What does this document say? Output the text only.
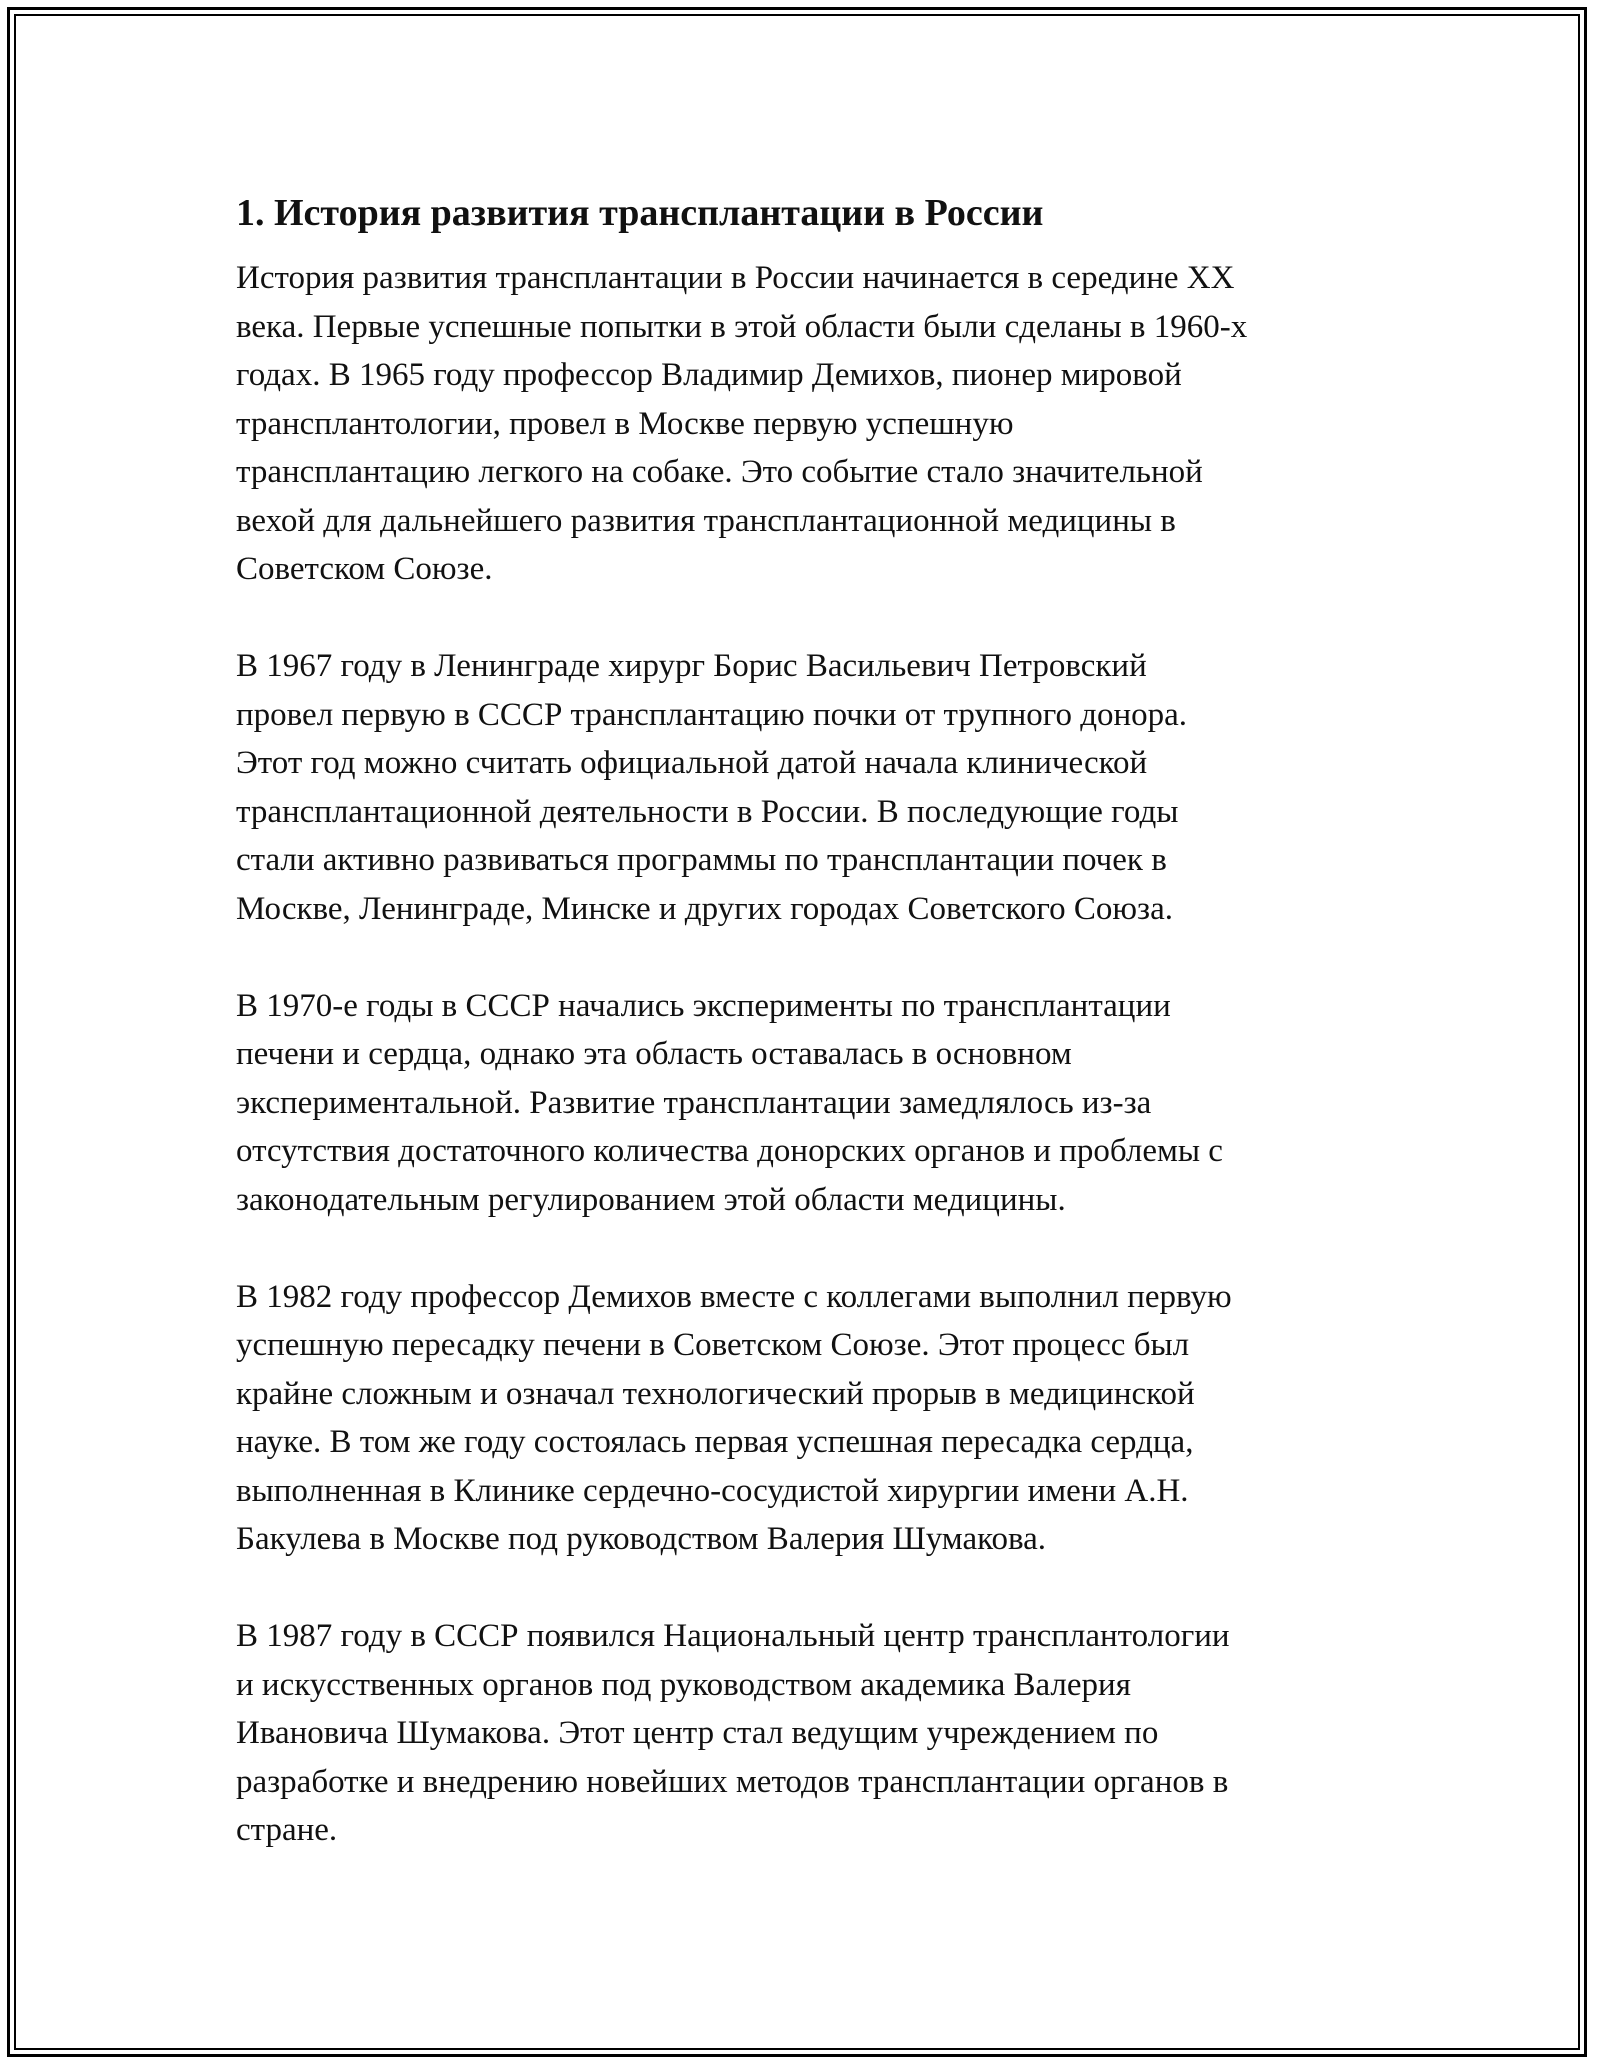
1. История развития трансплантации в России

История развития трансплантации в России начинается в середине XX
века. Первые успешные попытки в этой области были сделаны в 1960-х
годах. В 1965 году профессор Владимир Демихов, пионер мировой
трансплантологии, провел в Москве первую успешную
трансплантацию легкого на собаке. Это событие стало значительной
вехой для дальнейшего развития трансплантационной медицины в
Советском Союзе.

В 1967 году в Ленинграде хирург Борис Васильевич Петровский
провел первую в СССР трансплантацию почки от трупного донора.
Этот год можно считать официальной датой начала клинической
трансплантационной деятельности в России. В последующие годы
стали активно развиваться программы по трансплантации почек в
Москве, Ленинграде, Минске и других городах Советского Союза.

В 1970-е годы в СССР начались эксперименты по трансплантации
печени и сердца, однако эта область оставалась в основном
экспериментальной. Развитие трансплантации замедлялось из-за
отсутствия достаточного количества донорских органов и проблемы с
законодательным регулированием этой области медицины.

В 1982 году профессор Демихов вместе с коллегами выполнил первую
успешную пересадку печени в Советском Союзе. Этот процесс был
крайне сложным и означал технологический прорыв в медицинской
науке. В том же году состоялась первая успешная пересадка сердца,
выполненная в Клинике сердечно-сосудистой хирургии имени А.Н.
Бакулева в Москве под руководством Валерия Шумакова.

В 1987 году в СССР появился Национальный центр трансплантологии
и искусственных органов под руководством академика Валерия
Ивановича Шумакова. Этот центр стал ведущим учреждением по
разработке и внедрению новейших методов трансплантации органов в
стране.
